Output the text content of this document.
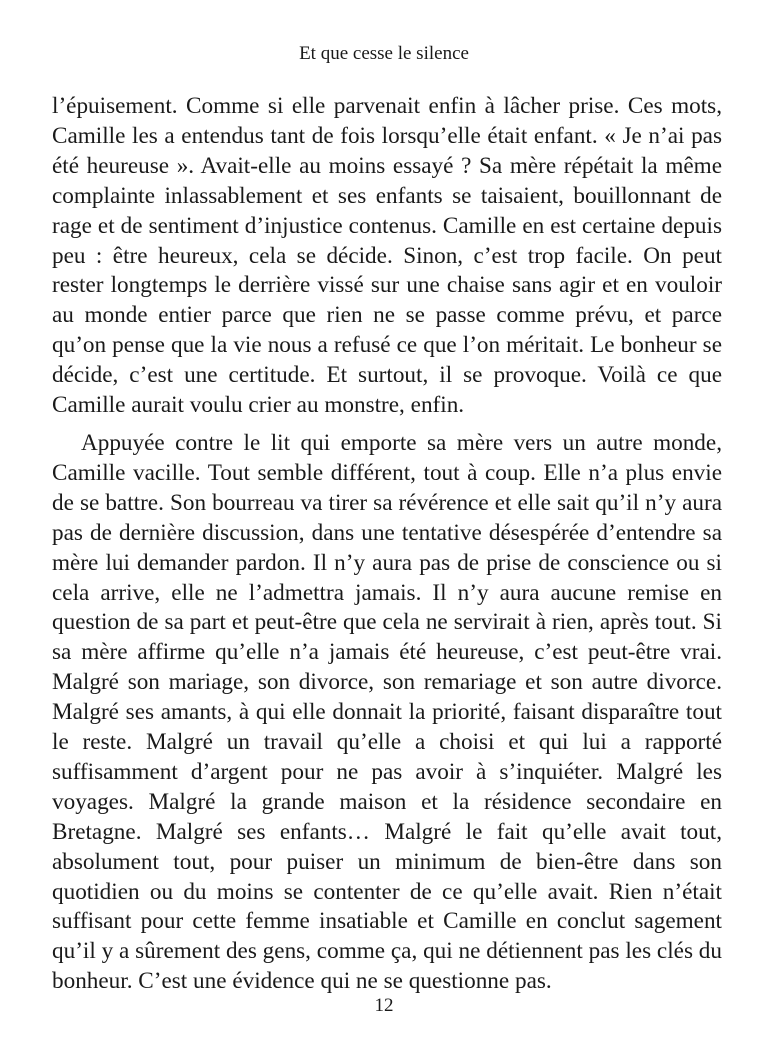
Et que cesse le silence

l’épuisement. Comme si elle parvenait enfin à lâcher prise. Ces mots, Camille les a entendus tant de fois lorsqu’elle était enfant. « Je n’ai pas été heureuse ». Avait-elle au moins essayé ? Sa mère répétait la même complainte inlassablement et ses enfants se taisaient, bouillonnant de rage et de sentiment d’injustice contenus. Camille en est certaine depuis peu : être heureux, cela se décide. Sinon, c’est trop facile. On peut rester longtemps le derrière vissé sur une chaise sans agir et en vouloir au monde entier parce que rien ne se passe comme prévu, et parce qu’on pense que la vie nous a refusé ce que l’on méritait. Le bonheur se décide, c’est une certitude. Et surtout, il se provoque. Voilà ce que Camille aurait voulu crier au monstre, enfin.

Appuyée contre le lit qui emporte sa mère vers un autre monde, Camille vacille. Tout semble différent, tout à coup. Elle n’a plus envie de se battre. Son bourreau va tirer sa révérence et elle sait qu’il n’y aura pas de dernière discussion, dans une tentative désespérée d’entendre sa mère lui demander pardon. Il n’y aura pas de prise de conscience ou si cela arrive, elle ne l’admettra jamais. Il n’y aura aucune remise en question de sa part et peut-être que cela ne servirait à rien, après tout. Si sa mère affirme qu’elle n’a jamais été heureuse, c’est peut-être vrai. Malgré son mariage, son divorce, son remariage et son autre divorce. Malgré ses amants, à qui elle donnait la priorité, faisant disparaître tout le reste. Malgré un travail qu’elle a choisi et qui lui a rapporté suffisamment d’argent pour ne pas avoir à s’inquiéter. Malgré les voyages. Malgré la grande maison et la résidence secondaire en Bretagne. Malgré ses enfants… Malgré le fait qu’elle avait tout, absolument tout, pour puiser un minimum de bien-être dans son quotidien ou du moins se contenter de ce qu’elle avait. Rien n’était suffisant pour cette femme insatiable et Camille en conclut sagement qu’il y a sûrement des gens, comme ça, qui ne détiennent pas les clés du bonheur. C’est une évidence qui ne se questionne pas.

12
